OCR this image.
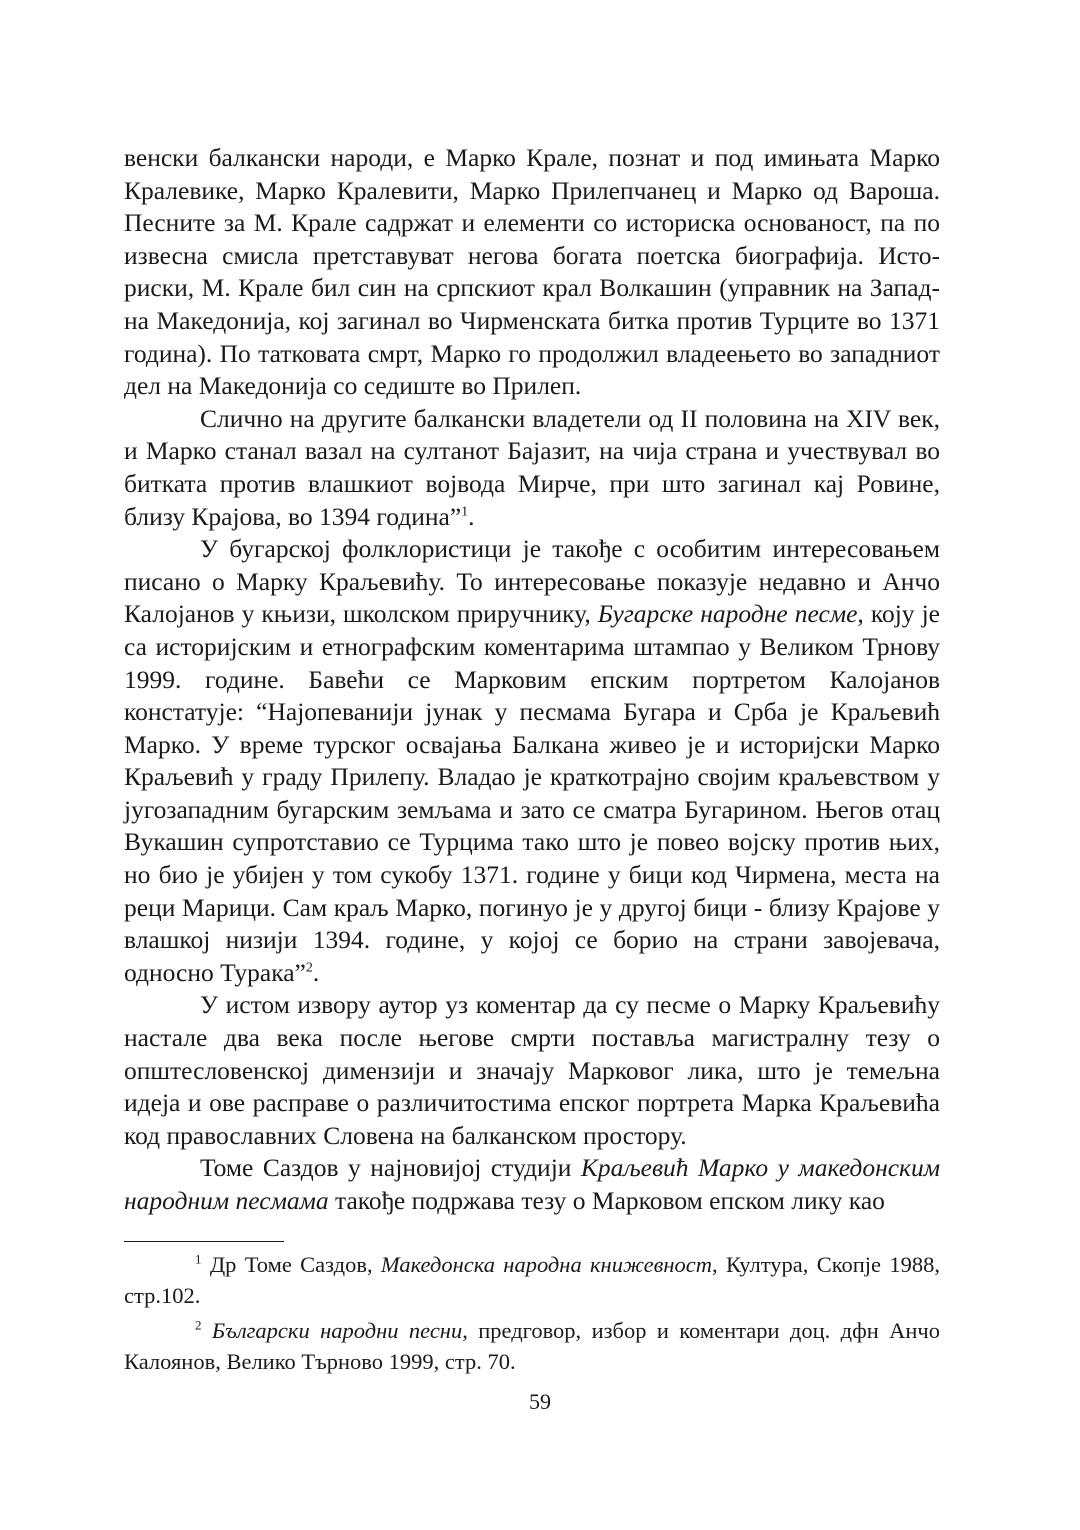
венски балкански народи, е Марко Крале, познат и под имињата Марко Кралевике, Марко Кралевити, Марко Прилепчанец и Марко од Вароша. Песните за М. Крале садржат и елементи со историска основаност, па по извесна смисла претставуват негова богата поетска биографија. Историски, М. Крале бил син на српскиот крал Волкашин (управник на Западна Македонија, кој загинал во Чирменската битка против Турците во 1371 година). По татковата смрт, Марко го продолжил владеењето во западниот дел на Македонија со седиште во Прилеп.

Слично на другите балкански владетели од II половина на XIV век, и Марко станал вазал на султанот Бајазит, на чија страна и учествувал во битката против влашкиот војвода Мирче, при што загинал кај Ровине, близу Крајова, во 1394 година”$^1$.

У бугарској фолклористици је такође с особитим интересовањем писано о Марку Краљевићу. То интересовање показује недавно и Анчо Калојанов у књизи, школском приручнику, Бугарске народне песме, коју је са историјским и етнографским коментарима штампао у Великом Трнову 1999. године. Бавећи се Марковим епским портретом Калојанов констатује: “Најопеванији јунак у песмама Бугара и Срба је Краљевић Марко. У време турског освајања Балкана живео је и историјски Марко Краљевић у граду Прилепу. Владао је краткотрајно својим краљевством у југозападним бугарским земљама и зато се сматра Бугарином. Његов отац Вукашин супротставио се Турцима тако што је повео војску против њих, но био је убијен у том сукобу 1371. године у бици код Чирмена, места на реци Марици. Сам краљ Марко, погинуо је у другој бици - близу Крајове у влашкој низији 1394. године, у којој се борио на страни завојевача, односно Турака”$^2$.

У истом извору аутор уз коментар да су песме о Марку Краљевићу настале два века после његове смрти поставља магистралну тезу о општесловенској димензији и значају Марковог лика, што је темељна идеја и ове расправе о различитостима епског портрета Марка Краљевића код православних Словена на балканском простору.

Томе Саздов у најновијој студији Краљевић Марко у македонским народним песмама такође подржава тезу о Марковом епском лику као

$^1$ Др Томе Саздов, Македонска народна книжевност, Култура, Скопје 1988, стр.102.

$^2$ Български народни песни, предговор, избор и коментари доц. дфн Анчо Калоянов, Велико Търново 1999, стр. 70.

59
